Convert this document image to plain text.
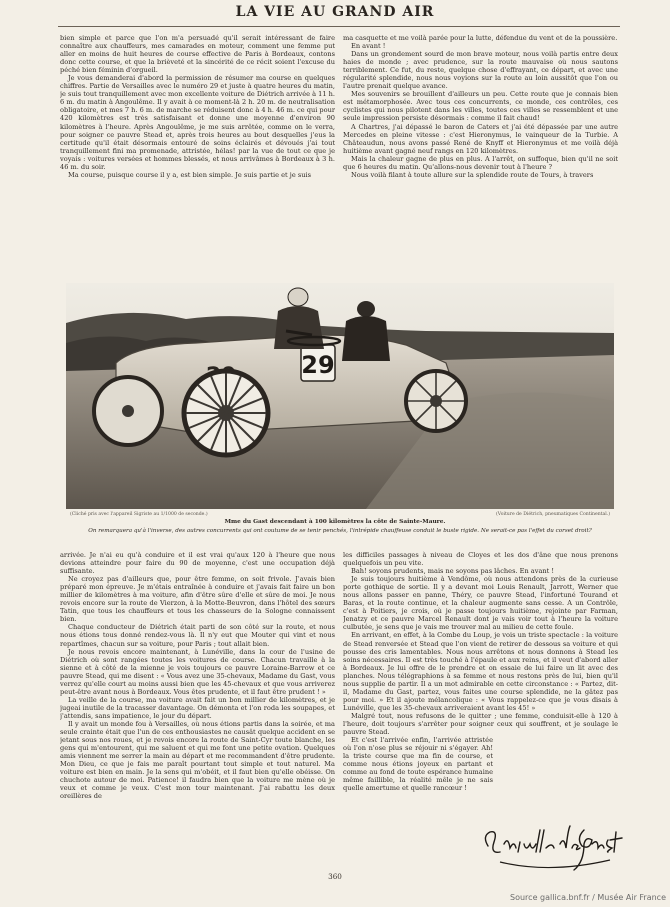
LA VIE AU GRAND AIR

bien simple et parce que l'on m'a persuadé qu'il serait intéressant de faire connaître aux chauffeurs, mes camarades en moteur, comment une femme put aller en moins de huit heures de course effective de Paris à Bordeaux, contons donc cette course, et que la brièveté et la sincérité de ce récit soient l'excuse du péché bien féminin d'orgueil.

Je vous demanderai d'abord la permission de résumer ma course en quelques chiffres. Partie de Versailles avec le numéro 29 et juste à quatre heures du matin, je suis tout tranquillement avec mon excellente voiture de Diétrich arrivée à 11 h. 6 m. du matin à Angoulême. Il y avait à ce moment-là 2 h. 20 m. de neutralisation obligatoire, et mes 7 h. 6 m. de marche se réduisent donc à 4 h. 46 m. ce qui pour 420 kilomètres est très satisfaisant et donne une moyenne d'environ 90 kilomètres à l'heure. Après Angoulême, je me suis arrêtée, comme on le verra, pour soigner ce pauvre Stead et, après trois heures au bout desquelles j'eus la certitude qu'il était désormais entouré de soins éclairés et dévoués j'ai tout tranquillement fini ma promenade, attristée, hélas! par la vue de tout ce que je voyais : voitures versées et hommes blessés, et nous arrivâmes à Bordeaux à 3 h. 46 m. du soir.

Ma course, puisque course il y a, est bien simple. Je suis partie et je suis

ma casquette et me voilà parée pour la lutte, défendue du vent et de la poussière.

En avant !

Dans un grondement sourd de mon brave moteur, nous voilà partis entre deux haies de monde ; avec prudence, sur la route mauvaise où nous sautons terriblement. Ce fut, du reste, quelque chose d'effrayant, ce départ, et avec une régularité splendide, nous nous voyions sur la route au loin aussitôt que l'on ou l'autre prenait quelque avance.

Mes souvenirs se brouillent d'ailleurs un peu. Cette route que je connais bien est métamorphosée. Avec tous ces concurrents, ce monde, ces contrôles, ces cyclistes qui nous pilotent dans les villes, toutes ces villes se ressemblent et une seule impression persiste désormais : comme il fait chaud!

A Chartres, j'ai dépassé le baron de Caters et j'ai été dépassée par une autre Mercedes en pleine vitesse : c'est Hieronymus, le vainqueur de la Turbie. A Châteaudun, nous avons passé René de Knyff et Hieronymus et me voilà déjà huitième avant gagné neuf rangs en 120 kilomètres.

Mais la chaleur gagne de plus en plus. A l'arrêt, on suffoque, bien qu'il ne soit que 6 heures du matin. Qu'allons-nous devenir tout à l'heure ?

Nous voilà filant à toute allure sur la splendide route de Tours, à travers

29
(Cliché pris avec l'appareil Sigriste au 1/1000 de seconde.)	(Voiture de Diétrich, pneumatiques Continental.)
Mme du Gast descendant à 100 kilomètres la côte de Sainte-Maure.
On remarquera qu'à l'inverse, des autres concurrents qui ont coutume de se tenir penchés, l'intrépide chauffeuse conduit le buste rigide. Ne serait-ce pas l'effet du corset droit?

arrivée. Je n'ai eu qu'à conduire et il est vrai qu'aux 120 à l'heure que nous devions atteindre pour faire du 90 de moyenne, c'est une occupation déjà suffisante.

Ne croyez pas d'ailleurs que, pour être femme, on soit frivole. J'avais bien préparé mon épreuve. Je m'étais entraînée à conduire et j'avais fait faire un bon millier de kilomètres à ma voiture, afin d'être sûre d'elle et sûre de moi. Je nous revois encore sur la route de Vierzon, à la Motte-Beuvron, dans l'hôtel des sœurs Tatin, que tous les chauffeurs et tous les chasseurs de la Sologne connaissent bien.

Chaque conducteur de Diétrich était parti de son côté sur la route, et nous nous étions tous donné rendez-vous là. Il n'y eut que Mouter qui vint et nous repartîmes, chacun sur sa voiture, pour Paris ; tout allait bien.

Je nous revois encore maintenant, à Lunéville, dans la cour de l'usine de Diétrich où sont rangées toutes les voitures de course. Chacun travaille à la sienne et à côté de la mienne je vois toujours ce pauvre Loraine-Barrow et ce pauvre Stead, qui me disent : « Vous avez une 35-chevaux, Madame du Gast, vous verrez qu'elle court au moins aussi bien que les 45-chevaux et que vous arriverez peut-être avant nous à Bordeaux. Vous êtes prudente, et il faut être prudent ! »

La veille de la course, ma voiture avait fait un bon millier de kilomètres, et je jugeai inutile de la tracasser davantage. On démonta et l'on roda les soupapes, et j'attendis, sans impatience, le jour du départ.

Il y avait un monde fou à Versailles, où nous étions partis dans la soirée, et ma seule crainte était que l'un de ces enthousiastes ne causât quelque accident en se jetant sous nos roues, et je revois encore la route de Saint-Cyr toute blanche, les gens qui m'entourent, qui me saluent et qui me font une petite ovation. Quelques amis viennent me serrer la main au départ et me recommandent d'être prudente. Mon Dieu, ce que je fais me paraît pourtant tout simple et tout naturel. Ma voiture est bien en main. Je la sens qui m'obéit, et il faut bien qu'elle obéisse. On chuchote autour de moi. Patience! il faudra bien que la voiture me mène où je veux et comme je veux. C'est mon tour maintenant. J'ai rabattu les deux oreillères de

les difficiles passages à niveau de Cloyes et les dos d'âne que nous prenons quelquefois un peu vite.

Bah! soyons prudents, mais ne soyons pas lâches. En avant !

Je suis toujours huitième à Vendôme, où nous attendons près de la curieuse porte gothique de sortie. Il y a devant moi Louis Renault, Jarrott, Werner que nous allons passer en panne, Théry, ce pauvre Stead, l'infortuné Tourand et Baras, et la route continue, et la chaleur augmente sans cesse. A un Contrôle, c'est à Poitiers, je crois, où je passe toujours huitième, rejointe par Farman, Jenatzy et ce pauvre Marcel Renault dont je vais voir tout à l'heure la voiture culbutée, je sens que je vais me trouver mal au milieu de cette foule.

En arrivant, en effet, à la Combe du Loup, je vois un triste spectacle : la voiture de Stead renversée et Stead que l'on vient de retirer de dessous sa voiture et qui pousse des cris lamentables. Nous nous arrêtons et nous donnons à Stead les soins nécessaires. Il est très touché à l'épaule et aux reins, et il veut d'abord aller à Bordeaux. Je lui offre de le prendre et on essaie de lui faire un lit avec des planches. Nous télégraphions à sa femme et nous restons près de lui, bien qu'il nous supplie de partir. Il a un mot admirable en cette circonstance : « Partez, dit-il, Madame du Gast, partez, vous faites une course splendide, ne la gâtez pas pour moi. » Et il ajoute mélancolique : « Vous rappelez-ce que je vous disais à Lunéville, que les 35-chevaux arriveraient avant les 45! »

Malgré tout, nous refusons de le quitter ; une femme, conduisit-elle à 120 à l'heure, doit toujours s'arrêter pour soigner ceux qui souffrent, et je soulage le pauvre Stead.

Et c'est l'arrivée enfin, l'arrivée attristée où l'on n'ose plus se réjouir ni s'égayer. Ah! la triste course que ma fin de course, et comme nous étions joyeux en partant et comme au fond de toute espérance humaine même faillible, la réalité mêle je ne sais quelle amertume et quelle rancœur !

360
Source gallica.bnf.fr / Musée Air France
